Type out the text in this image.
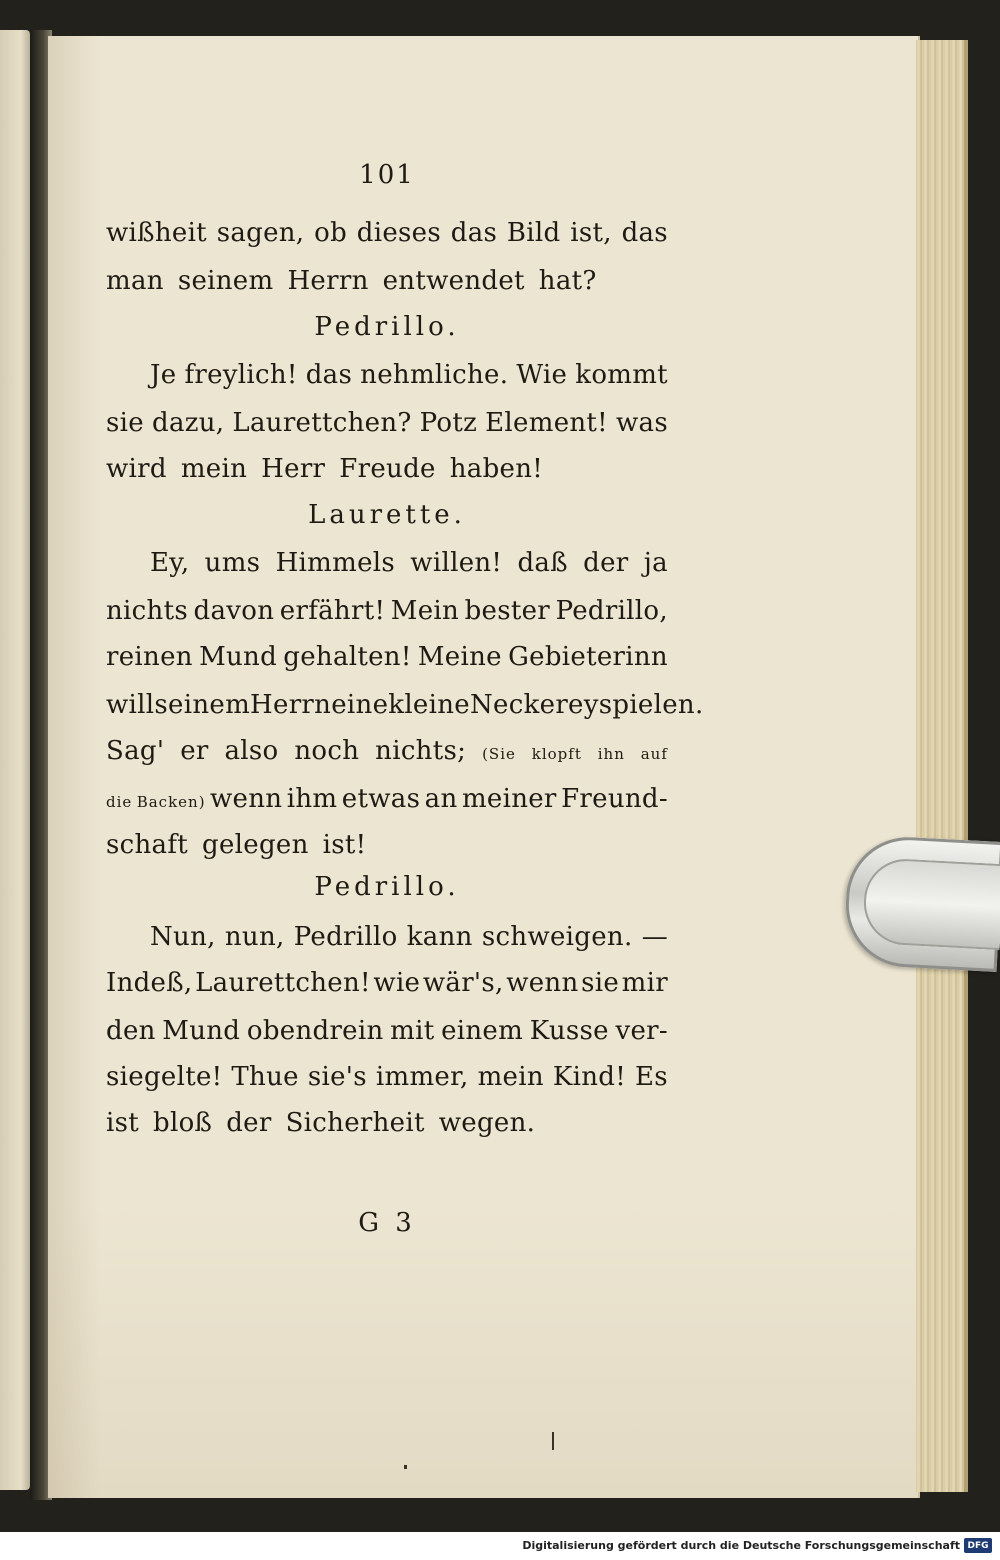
101
wißheit sagen, ob dieses das Bild ist, das
man seinem Herrn entwendet hat?
Je freylich! das nehmliche. Wie kommt
sie dazu, Laurettchen? Potz Element! was
wird mein Herr Freude haben!
Ey, ums Himmels willen! daß der ja
nichts davon erfährt! Mein bester Pedrillo,
reinen Mund gehalten! Meine Gebieterinn
will seinem Herrn eine kleine Neckerey spielen.
Sag' er also noch nichts; (Sie klopft ihn auf
die Backen) wenn ihm etwas an meiner Freund-
schaft gelegen ist!
Nun, nun, Pedrillo kann schweigen. —
Indeß, Laurettchen! wie wär's, wenn sie mir
den Mund obendrein mit einem Kusse ver-
siegelte! Thue sie's immer, mein Kind! Es
ist bloß der Sicherheit wegen.
Pedrillo.
Laurette.
Pedrillo.
G 3
Digitalisierung gefördert durch die Deutsche Forschungsgemeinschaft DFG
